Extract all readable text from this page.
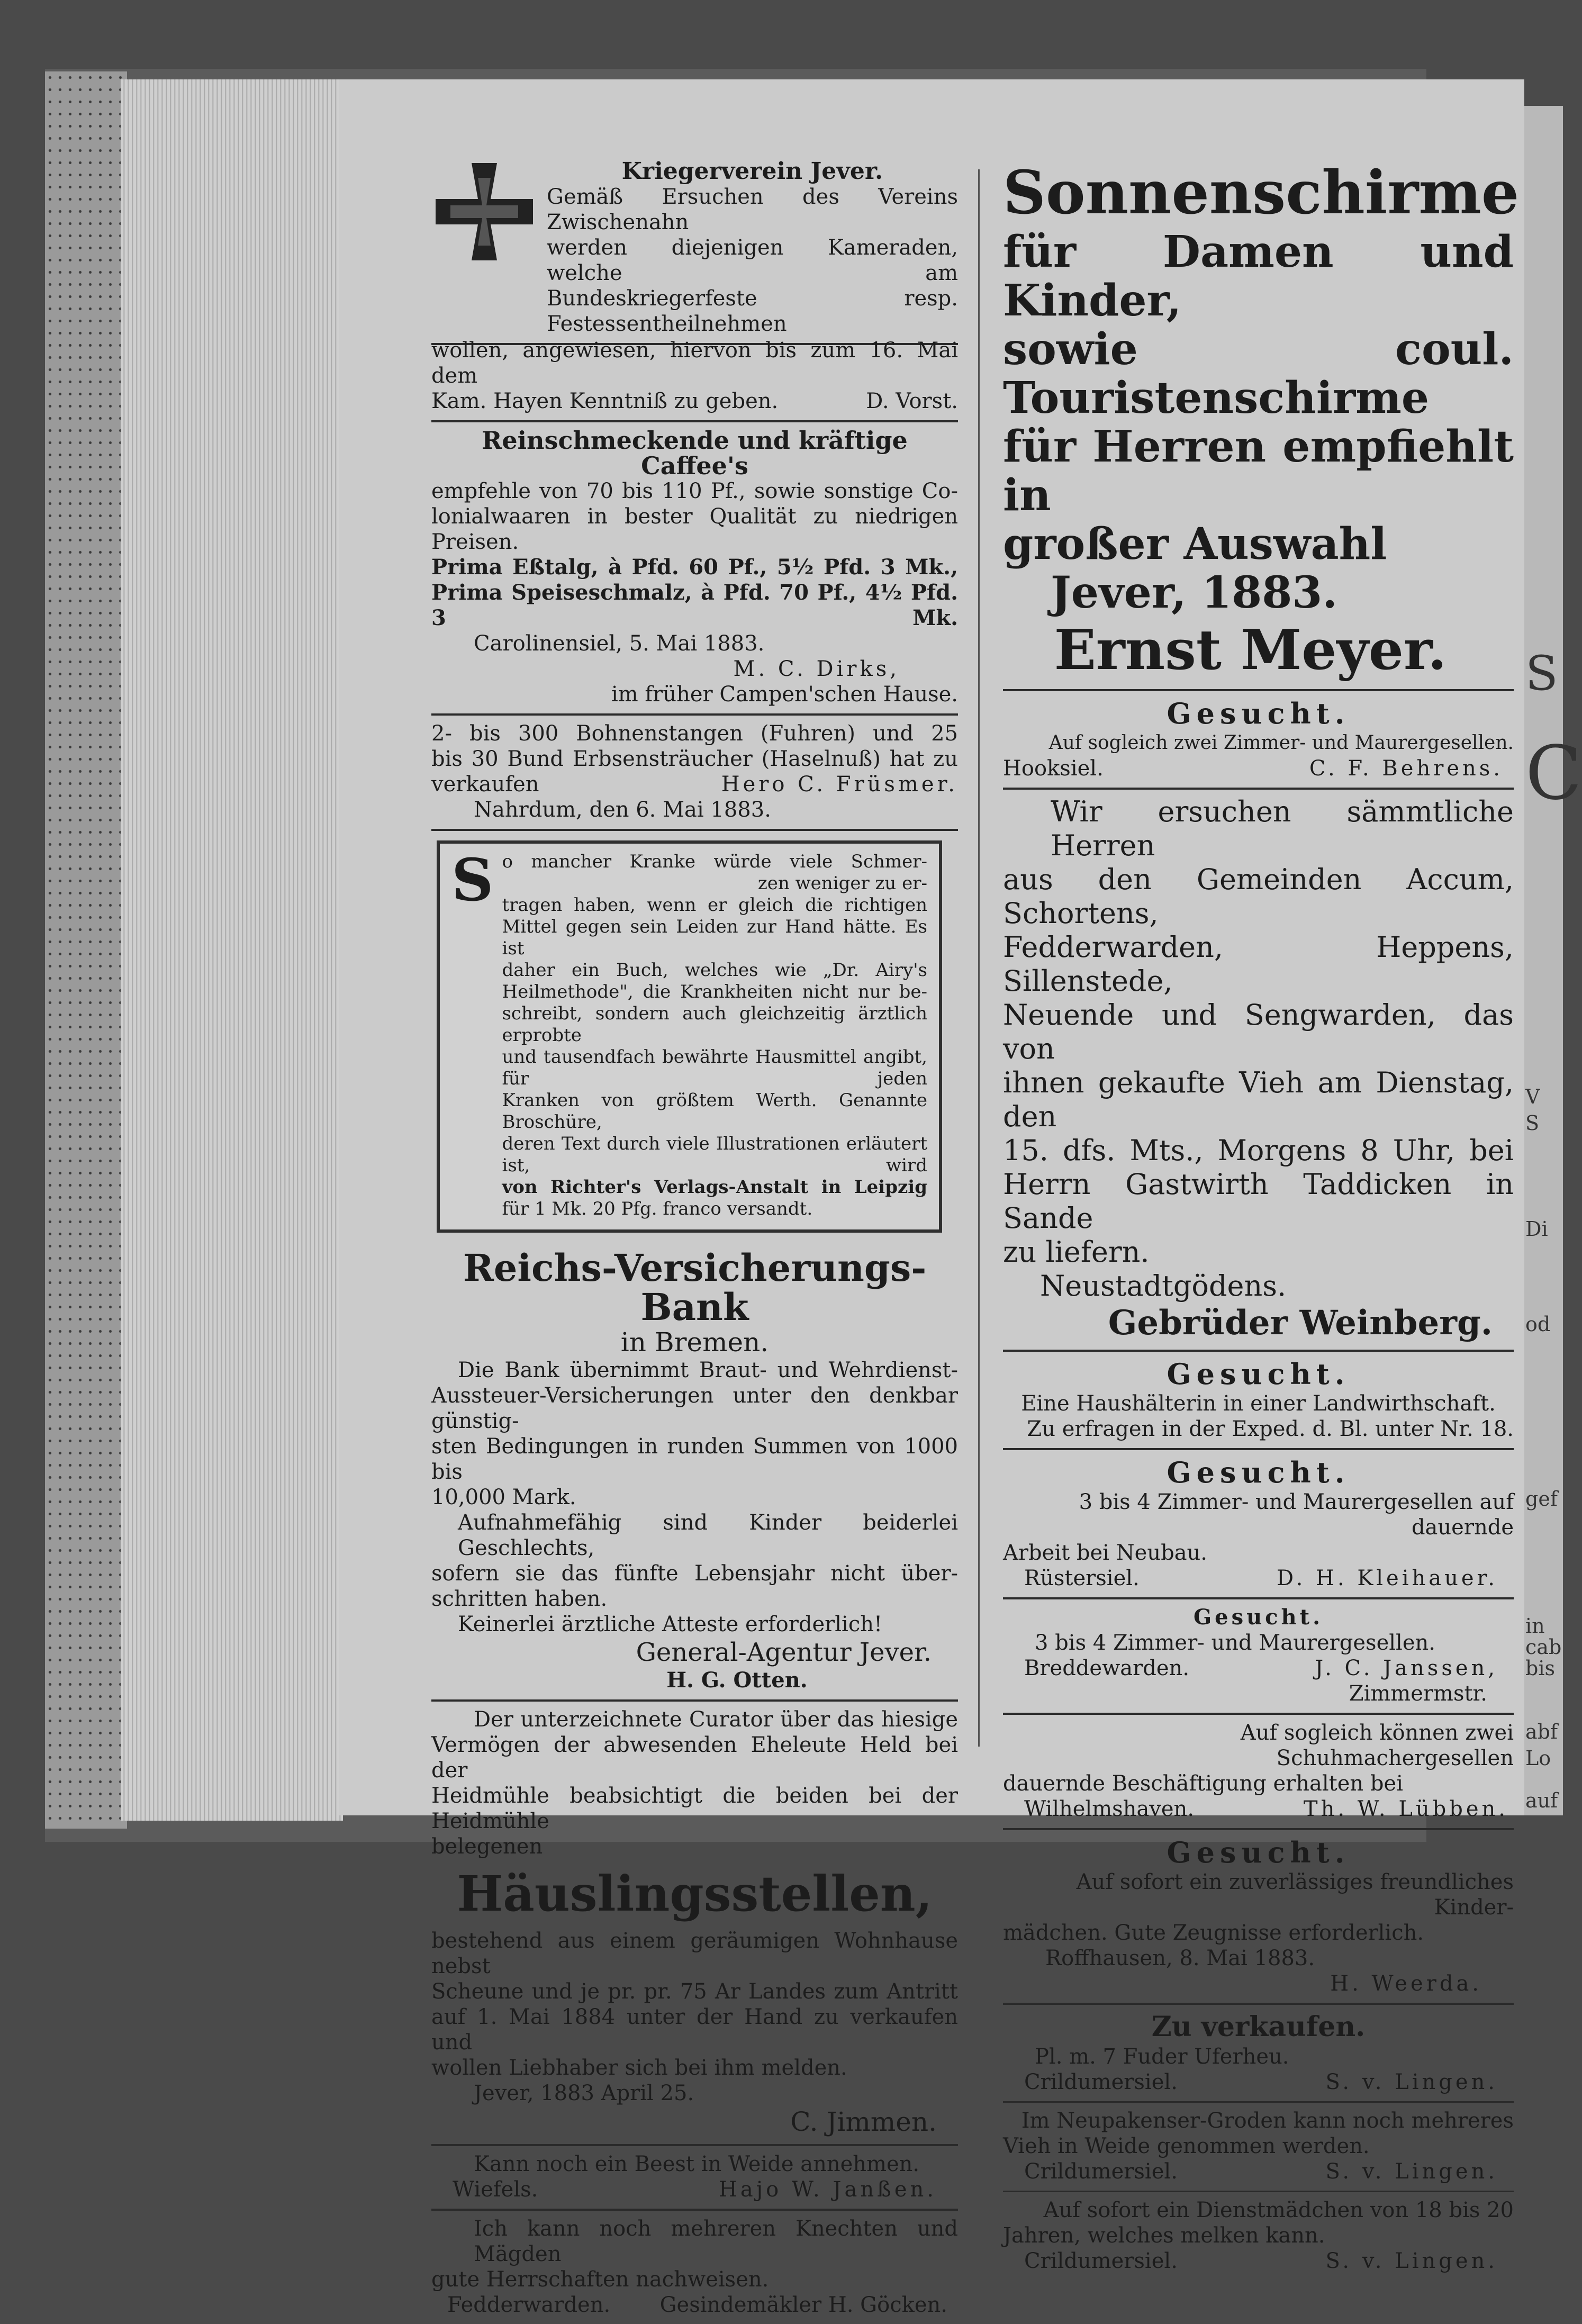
S
C
V
S
Di
od
gef
in
cab
bis
abf
Lo
auf

Kriegerverein Jever.

Gemäß Ersuchen des Vereins Zwischenahn

werden diejenigen Kameraden, welche am

Bundeskriegerfeste resp. Festessentheilnehmen

wollen, angewiesen, hiervon bis zum 16. Mai dem

Kam. Hayen Kenntniß zu geben.	D. Vorst.

Reinschmeckende und kräftige Caffee's

empfehle von 70 bis 110 Pf., sowie sonstige Co-

lonialwaaren in bester Qualität zu niedrigen Preisen.

Prima Eßtalg, à Pfd. 60 Pf., 5½ Pfd. 3 Mk.,

Prima Speiseschmalz, à Pfd. 70 Pf., 4½ Pfd. 3 Mk.

Carolinensiel, 5. Mai 1883.

M. C. Dirks,

im früher Campen'schen Hause.

2- bis 300 Bohnenstangen (Fuhren) und 25

bis 30 Bund Erbsensträucher (Haselnuß) hat zu

verkaufen	Hero C. Früsmer.

Nahrdum, den 6. Mai 1883.

S o mancher Kranke würde viele Schmer-

zen weniger zu er-

tragen haben, wenn er gleich die richtigen

Mittel gegen sein Leiden zur Hand hätte. Es ist

daher ein Buch, welches wie „Dr. Airy's

Heilmethode", die Krankheiten nicht nur be-

schreibt, sondern auch gleichzeitig ärztlich erprobte

und tausendfach bewährte Hausmittel angibt, für jeden

Kranken von größtem Werth. Genannte Broschüre,

deren Text durch viele Illustrationen erläutert ist, wird

von Richter's Verlags-Anstalt in Leipzig

für 1 Mk. 20 Pfg. franco versandt.

Reichs-Versicherungs-Bank

in Bremen.

Die Bank übernimmt Braut- und Wehrdienst-

Aussteuer-Versicherungen unter den denkbar günstig-

sten Bedingungen in runden Summen von 1000 bis

10,000 Mark.

Aufnahmefähig sind Kinder beiderlei Geschlechts,

sofern sie das fünfte Lebensjahr nicht über-

schritten haben.

Keinerlei ärztliche Atteste erforderlich!

General-Agentur Jever.

H. G. Otten.

Der unterzeichnete Curator über das hiesige

Vermögen der abwesenden Eheleute Held bei der

Heidmühle beabsichtigt die beiden bei der Heidmühle

belegenen

Häuslingsstellen,

bestehend aus einem geräumigen Wohnhause nebst

Scheune und je pr. pr. 75 Ar Landes zum Antritt

auf 1. Mai 1884 unter der Hand zu verkaufen und

wollen Liebhaber sich bei ihm melden.

Jever, 1883 April 25.

C. Jimmen.

Kann noch ein Beest in Weide annehmen.

Wiefels.	Hajo W. Janßen.

Ich kann noch mehreren Knechten und Mägden

gute Herrschaften nachweisen.

Fedderwarden. Gesindemäkler H. Göcken.

Sonnenschirme

für Damen und Kinder,

sowie coul. Touristenschirme

für Herren empfiehlt in

großer Auswahl

Jever, 1883.

Ernst Meyer.

Gesucht.

Auf sogleich zwei Zimmer- und Maurergesellen.

Hooksiel.	C. F. Behrens.

Wir ersuchen sämmtliche Herren

aus den Gemeinden Accum, Schortens,

Fedderwarden, Heppens, Sillenstede,

Neuende und Sengwarden, das von

ihnen gekaufte Vieh am Dienstag, den

15. dfs. Mts., Morgens 8 Uhr, bei

Herrn Gastwirth Taddicken in Sande

zu liefern.

Neustadtgödens.

Gebrüder Weinberg.

Gesucht.

Eine Haushälterin in einer Landwirthschaft.

Zu erfragen in der Exped. d. Bl. unter Nr. 18.

Gesucht.

3 bis 4 Zimmer- und Maurergesellen auf dauernde

Arbeit bei Neubau.

Rüstersiel.	D. H. Kleihauer.

Gesucht.

3 bis 4 Zimmer- und Maurergesellen.

Breddewarden.	J. C. Janssen,

Zimmermstr.

Auf sogleich können zwei Schuhmachergesellen

dauernde Beschäftigung erhalten bei

Wilhelmshaven.	Th. W. Lübben.

Gesucht.

Auf sofort ein zuverlässiges freundliches Kinder-

mädchen. Gute Zeugnisse erforderlich.

Roffhausen, 8. Mai 1883.

H. Weerda.

Zu verkaufen.

Pl. m. 7 Fuder Uferheu.

Crildumersiel.	S. v. Lingen.

Im Neupakenser-Groden kann noch mehreres

Vieh in Weide genommen werden.

Crildumersiel.	S. v. Lingen.

Auf sofort ein Dienstmädchen von 18 bis 20

Jahren, welches melken kann.

Crildumersiel.	S. v. Lingen.
